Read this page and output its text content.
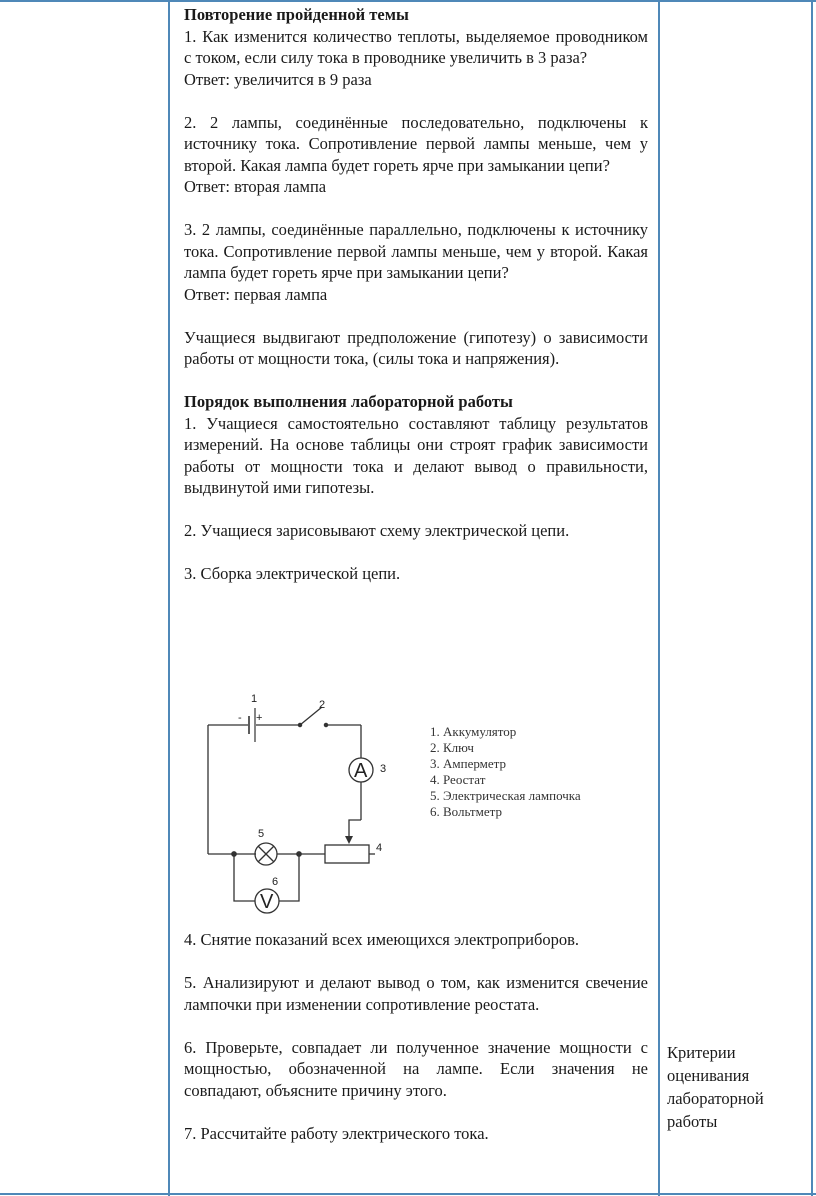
Повторение пройденной темы

1. Как изменится количество теплоты, выделяемое проводником с током, если силу тока в проводнике увеличить в 3 раза?

Ответ: увеличится в 9 раза

2. 2 лампы, соединённые последовательно, подключены к источнику тока. Сопротивление первой лампы меньше, чем у второй. Какая лампа будет гореть ярче при замыкании цепи?

Ответ: вторая лампа

3. 2 лампы, соединённые параллельно, подключены к источнику тока. Сопротивление первой лампы меньше, чем у второй. Какая лампа будет гореть ярче при замыкании цепи?

Ответ: первая лампа

Учащиеся выдвигают предположение (гипотезу) о зависимости работы от мощности тока, (силы тока и напряжения).

Порядок выполнения лабораторной работы

1. Учащиеся самостоятельно составляют таблицу результатов измерений. На основе таблицы они строят график зависимости работы от мощности тока и делают вывод о правильности, выдвинутой ими гипотезы.

2. Учащиеся зарисовывают схему электрической цепи.

3. Сборка электрической цепи.

4. Снятие показаний всех имеющихся электроприборов.

5. Анализируют и делают вывод о том, как изменится свечение лампочки при изменении сопротивление реостата.

6. Проверьте, совпадает ли полученное значение мощности с мощностью, обозначенной на лампе. Если значения не совпадают, объясните причину этого.

7. Рассчитайте работу электрического тока.

1
- +
2
A 3
4
5
V
6
1. Аккумулятор
2. Ключ
3. Амперметр
4. Реостат
5. Электрическая лампочка
6. Вольтметр
Критерии оценивания лабораторной работы
